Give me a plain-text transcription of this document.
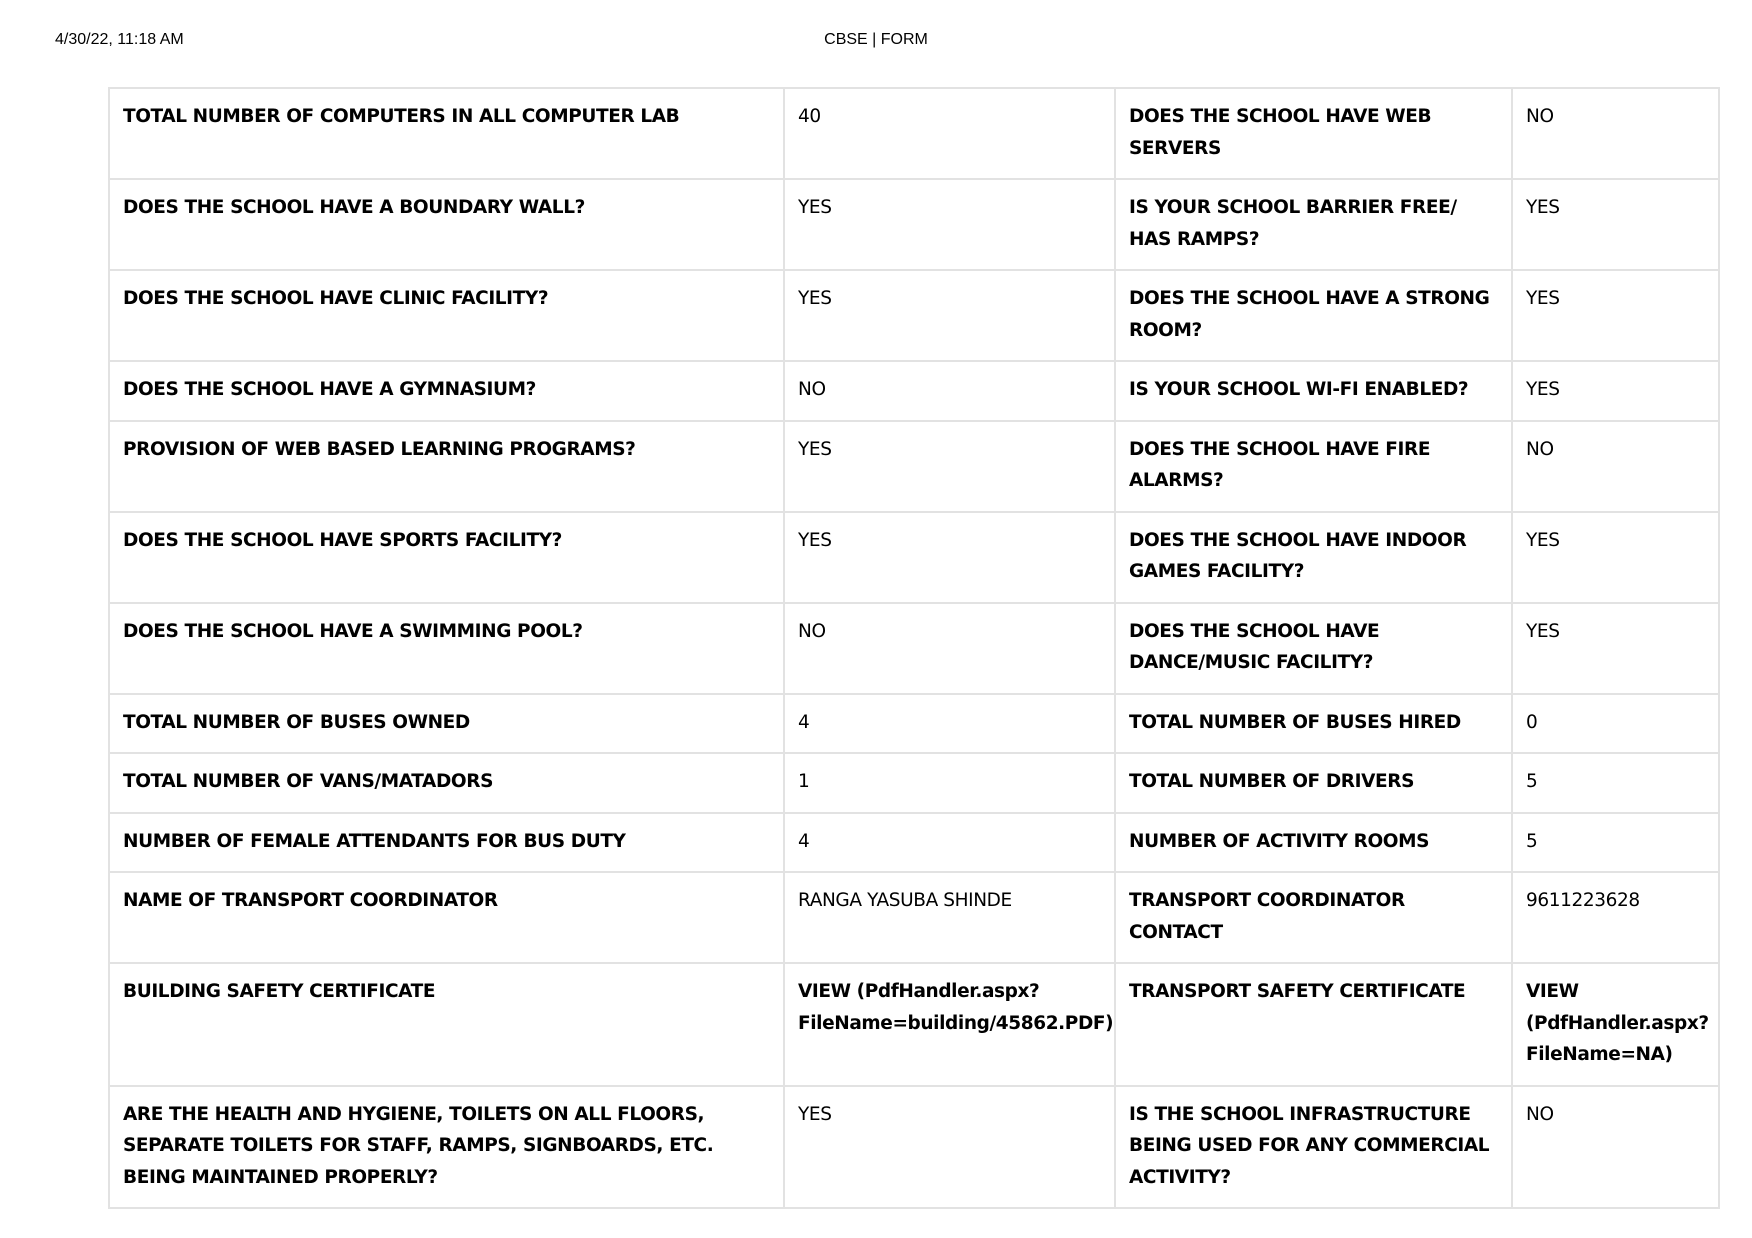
4/30/22, 11:18 AM	CBSE | FORM
TOTAL NUMBER OF COMPUTERS IN ALL COMPUTER LAB	40	DOES THE SCHOOL HAVE WEB SERVERS	NO
DOES THE SCHOOL HAVE A BOUNDARY WALL?	YES	IS YOUR SCHOOL BARRIER FREE/ HAS RAMPS?	YES
DOES THE SCHOOL HAVE CLINIC FACILITY?	YES	DOES THE SCHOOL HAVE A STRONG ROOM?	YES
DOES THE SCHOOL HAVE A GYMNASIUM?	NO	IS YOUR SCHOOL WI-FI ENABLED?	YES
PROVISION OF WEB BASED LEARNING PROGRAMS?	YES	DOES THE SCHOOL HAVE FIRE ALARMS?	NO
DOES THE SCHOOL HAVE SPORTS FACILITY?	YES	DOES THE SCHOOL HAVE INDOOR GAMES FACILITY?	YES
DOES THE SCHOOL HAVE A SWIMMING POOL?	NO	DOES THE SCHOOL HAVE DANCE/MUSIC FACILITY?	YES
TOTAL NUMBER OF BUSES OWNED	4	TOTAL NUMBER OF BUSES HIRED	0
TOTAL NUMBER OF VANS/MATADORS	1	TOTAL NUMBER OF DRIVERS	5
NUMBER OF FEMALE ATTENDANTS FOR BUS DUTY	4	NUMBER OF ACTIVITY ROOMS	5
NAME OF TRANSPORT COORDINATOR	RANGA YASUBA SHINDE	TRANSPORT COORDINATOR CONTACT	9611223628
BUILDING SAFETY CERTIFICATE	VIEW (PdfHandler.aspx?FileName=building/45862.PDF)	TRANSPORT SAFETY CERTIFICATE	VIEW (PdfHandler.aspx?FileName=NA)
ARE THE HEALTH AND HYGIENE, TOILETS ON ALL FLOORS, SEPARATE TOILETS FOR STAFF, RAMPS, SIGNBOARDS, ETC. BEING MAINTAINED PROPERLY?	YES	IS THE SCHOOL INFRASTRUCTURE BEING USED FOR ANY COMMERCIAL ACTIVITY?	NO
